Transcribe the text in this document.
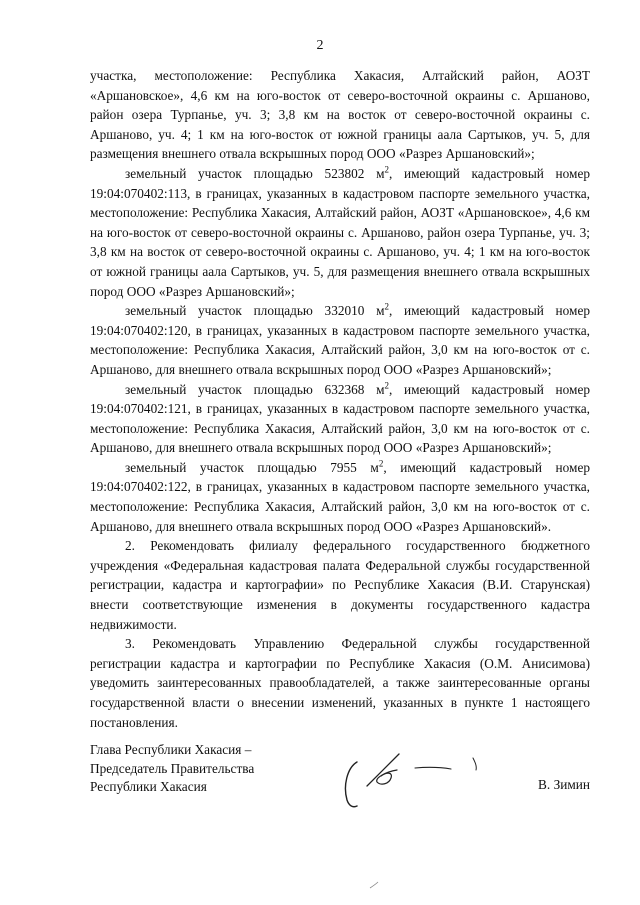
2

участка, местоположение: Республика Хакасия, Алтайский район, АОЗТ «Аршановское», 4,6 км на юго-восток от северо-восточной окраины с. Аршаново, район озера Турпанье, уч. 3; 3,8 км на восток от северо-восточной окраины с. Аршаново, уч. 4; 1 км на юго-восток от южной границы аала Сартыков, уч. 5, для размещения внешнего отвала вскрышных пород ООО «Разрез Аршановский»;

земельный участок площадью 523802 $м^2$, имеющий кадастровый номер 19:04:070402:113, в границах, указанных в кадастровом паспорте земельного участка, местоположение: Республика Хакасия, Алтайский район, АОЗТ «Аршановское», 4,6 км на юго-восток от северо-восточной окраины с. Аршаново, район озера Турпанье, уч. 3; 3,8 км на восток от северо-восточной окраины с. Аршаново, уч. 4; 1 км на юго-восток от южной границы аала Сартыков, уч. 5, для размещения внешнего отвала вскрышных пород ООО «Разрез Аршановский»;

земельный участок площадью 332010 $м^2$, имеющий кадастровый номер 19:04:070402:120, в границах, указанных в кадастровом паспорте земельного участка, местоположение: Республика Хакасия, Алтайский район, 3,0 км на юго-восток от с. Аршаново, для внешнего отвала вскрышных пород ООО «Разрез Аршановский»;

земельный участок площадью 632368 $м^2$, имеющий кадастровый номер 19:04:070402:121, в границах, указанных в кадастровом паспорте земельного участка, местоположение: Республика Хакасия, Алтайский район, 3,0 км на юго-восток от с. Аршаново, для внешнего отвала вскрышных пород ООО «Разрез Аршановский»;

земельный участок площадью 7955 $м^2$, имеющий кадастровый номер 19:04:070402:122, в границах, указанных в кадастровом паспорте земельного участка, местоположение: Республика Хакасия, Алтайский район, 3,0 км на юго-восток от с. Аршаново, для внешнего отвала вскрышных пород ООО «Разрез Аршановский».

2. Рекомендовать филиалу федерального государственного бюджетного учреждения «Федеральная кадастровая палата Федеральной службы государственной регистрации, кадастра и картографии» по Республике Хакасия (В.И. Старунская) внести соответствующие изменения в документы государственного кадастра недвижимости.

3. Рекомендовать Управлению Федеральной службы государственной регистрации кадастра и картографии по Республике Хакасия (О.М. Анисимова) уведомить заинтересованных правообладателей, а также заинтересованные органы государственной власти о внесении изменений, указанных в пункте 1 настоящего постановления.

Глава Республики Хакасия –
Председатель Правительства
Республики Хакасия	В. Зимин
